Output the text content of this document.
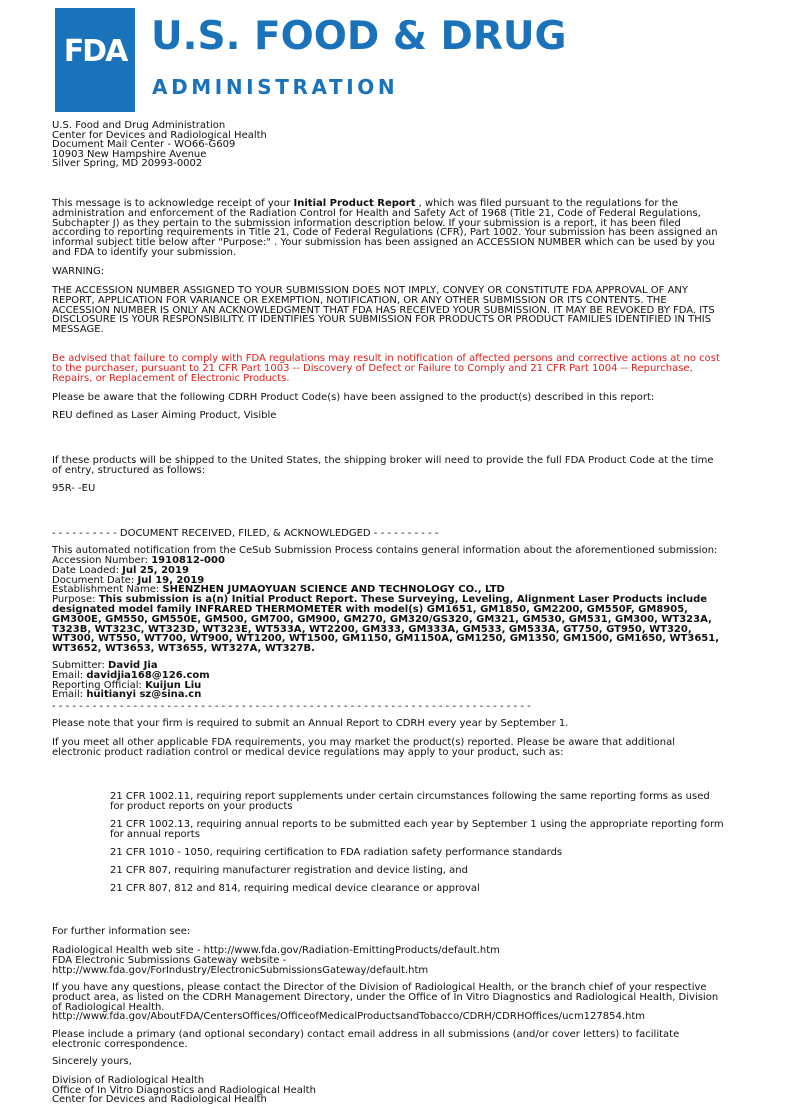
FDA U.S. FOOD & DRUG
ADMINISTRATION

U.S. Food and Drug Administration

Center for Devices and Radiological Health

Document Mail Center - WO66-G609

10903 New Hampshire Avenue

Silver Spring, MD 20993-0002

This message is to acknowledge receipt of your Initial Product Report , which was filed pursuant to the regulations for the administration and enforcement of the Radiation Control for Health and Safety Act of 1968 (Title 21, Code of Federal Regulations, Subchapter J) as they pertain to the submission information description below. If your submission is a report, it has been filed according to reporting requirements in Title 21, Code of Federal Regulations (CFR), Part 1002. Your submission has been assigned an informal subject title below after "Purpose:" . Your submission has been assigned an ACCESSION NUMBER which can be used by you and FDA to identify your submission.
WARNING:
THE ACCESSION NUMBER ASSIGNED TO YOUR SUBMISSION DOES NOT IMPLY, CONVEY OR CONSTITUTE FDA APPROVAL OF ANY REPORT, APPLICATION FOR VARIANCE OR EXEMPTION, NOTIFICATION, OR ANY OTHER SUBMISSION OR ITS CONTENTS. THE ACCESSION NUMBER IS ONLY AN ACKNOWLEDGMENT THAT FDA HAS RECEIVED YOUR SUBMISSION. IT MAY BE REVOKED BY FDA. ITS DISCLOSURE IS YOUR RESPONSIBILITY. IT IDENTIFIES YOUR SUBMISSION FOR PRODUCTS OR PRODUCT FAMILIES IDENTIFIED IN THIS MESSAGE.
Be advised that failure to comply with FDA regulations may result in notification of affected persons and corrective actions at no cost to the purchaser, pursuant to 21 CFR Part 1003 -- Discovery of Defect or Failure to Comply and 21 CFR Part 1004 -- Repurchase, Repairs, or Replacement of Electronic Products.
Please be aware that the following CDRH Product Code(s) have been assigned to the product(s) described in this report:
REU defined as Laser Aiming Product, Visible
If these products will be shipped to the United States, the shipping broker will need to provide the full FDA Product Code at the time of entry, structured as follows:
95R- -EU
- - - - - - - - - - DOCUMENT RECEIVED, FILED, & ACKNOWLEDGED - - - - - - - - - -
This automated notification from the CeSub Submission Process contains general information about the aforementioned submission:

Accession Number: 1910812-000

Date Loaded: Jul 25, 2019

Document Date: Jul 19, 2019

Establishment Name: SHENZHEN JUMAOYUAN SCIENCE AND TECHNOLOGY CO., LTD

Purpose: This submission is a(n) Initial Product Report. These Surveying, Leveling, Alignment Laser Products include designated model family INFRARED THERMOMETER with model(s) GM1651, GM1850, GM2200, GM550F, GM8905, GM300E, GM550, GM550E, GM500, GM700, GM900, GM270, GM320/GS320, GM321, GM530, GM531, GM300, WT323A, T323B, WT323C, WT323D, WT323E, WT533A, WT2200, GM333, GM333A, GM533, GM533A, GT750, GT950, WT320, WT300, WT550, WT700, WT900, WT1200, WT1500, GM1150, GM1150A, GM1250, GM1350, GM1500, GM1650, WT3651, WT3652, WT3653, WT3655, WT327A, WT327B.

Submitter: David Jia

Email: davidjia168@126.com

Reporting Official: Kuijun Liu

Email: huitianyi sz@sina.cn

- - - - - - - - - - - - - - - - - - - - - - - - - - - - - - - - - - - - - - - - - - - - - - - - - - - - - - - - - - - - - - - - - - - - - - -
Please note that your firm is required to submit an Annual Report to CDRH every year by September 1.
If you meet all other applicable FDA requirements, you may market the product(s) reported. Please be aware that additional electronic product radiation control or medical device regulations may apply to your product, such as:
21 CFR 1002.11, requiring report supplements under certain circumstances following the same reporting forms as used for product reports on your products
21 CFR 1002.13, requiring annual reports to be submitted each year by September 1 using the appropriate reporting form for annual reports
21 CFR 1010 - 1050, requiring certification to FDA radiation safety performance standards
21 CFR 807, requiring manufacturer registration and device listing, and
21 CFR 807, 812 and 814, requiring medical device clearance or approval
For further information see:

Radiological Health web site - http://www.fda.gov/Radiation-EmittingProducts/default.htm

FDA Electronic Submissions Gateway website -

http://www.fda.gov/ForIndustry/ElectronicSubmissionsGateway/default.htm

If you have any questions, please contact the Director of the Division of Radiological Health, or the branch chief of your respective product area, as listed on the CDRH Management Directory, under the Office of In Vitro Diagnostics and Radiological Health, Division of Radiological Health.

http://www.fda.gov/AboutFDA/CentersOffices/OfficeofMedicalProductsandTobacco/CDRH/CDRHOffices/ucm127854.htm

Please include a primary (and optional secondary) contact email address in all submissions (and/or cover letters) to facilitate electronic correspondence.
Sincerely yours,

Division of Radiological Health

Office of In Vitro Diagnostics and Radiological Health

Center for Devices and Radiological Health
